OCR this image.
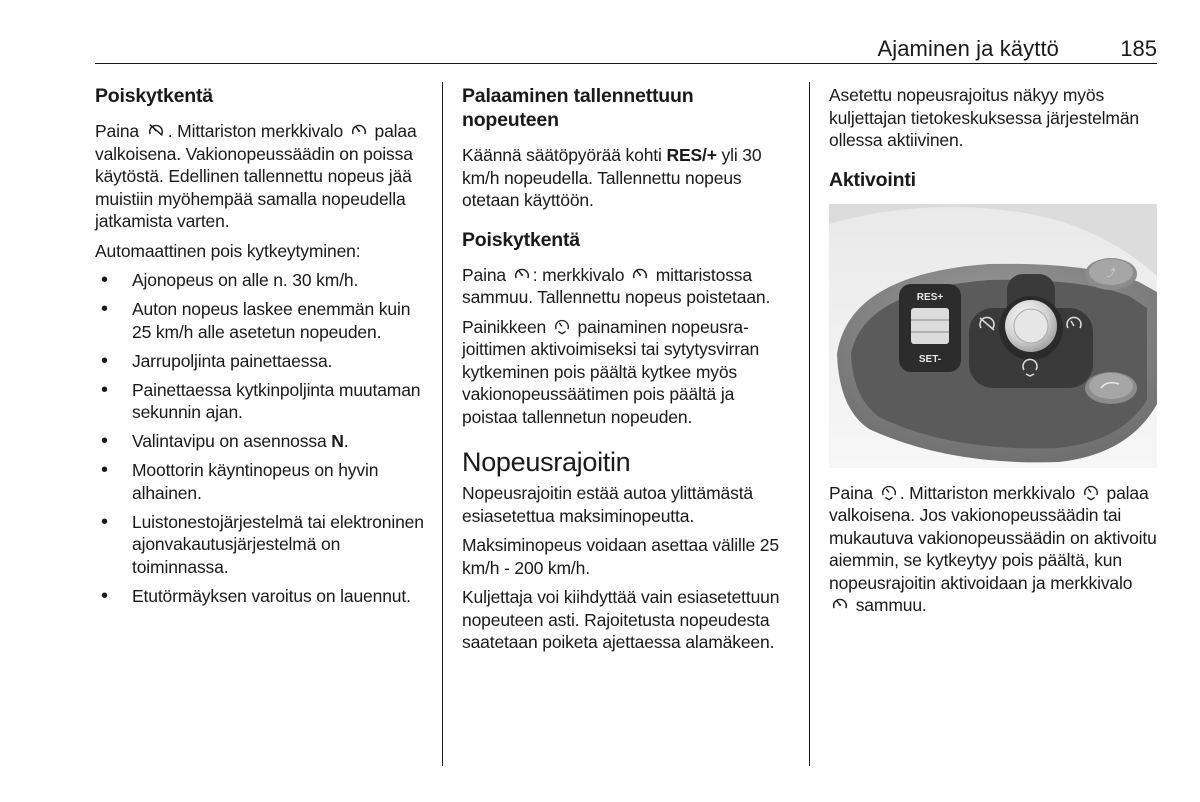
Ajaminen ja käyttö	185
Poiskytkentä

Paina . Mittariston merkkivalo  palaa valkoisena. Vakionopeussäädin on poissa käytöstä. Edellinen tallennettu nopeus jää muistiin myöhempää samalla nopeudella jatkamista varten.

Automaattinen pois kytkeytyminen:

• Ajonopeus on alle n. 30 km/h.
• Auton nopeus laskee enemmän kuin 25 km/h alle asetetun nopeuden.
• Jarrupoljinta painettaessa.
• Painettaessa kytkinpoljinta muutaman sekunnin ajan.
• Valintavipu on asennossa N.
• Moottorin käyntinopeus on hyvin alhainen.
• Luistonestojärjestelmä tai elektroninen ajonvakautusjärjestelmä on toiminnassa.
• Etutörmäyksen varoitus on lauennut.
Palaaminen tallennettuun nopeuteen

Käännä säätöpyörää kohti RES/+ yli 30 km/h nopeudella. Tallennettu nopeus otetaan käyttöön.

Poiskytkentä

Paina : merkkivalo  mittaristossa sammuu. Tallennettu nopeus poistetaan.

Painikkeen  painaminen nopeusrajoittimen aktivoimiseksi tai sytytysvirran kytkeminen pois päältä kytkee myös vakionopeussäätimen pois päältä ja poistaa tallennetun nopeuden.

Nopeusrajoitin

Nopeusrajoitin estää autoa ylittämästä esiasetettua maksiminopeutta.

Maksiminopeus voidaan asettaa välille 25 km/h - 200 km/h.

Kuljettaja voi kiihdyttää vain esiasetettuun nopeuteen asti. Rajoitetusta nopeudesta saatetaan poiketa ajettaessa alamäkeen.

Asetettu nopeusrajoitus näkyy myös kuljettajan tietokeskuksessa järjestelmän ollessa aktiivinen.

Aktivointi
RES+
SET-
⤴

Paina . Mittariston merkkivalo  palaa valkoisena. Jos vakionopeussäädin tai mukautuva vakionopeussäädin on aktivoitu aiemmin, se kytkeytyy pois päältä, kun nopeusrajoitin aktivoidaan ja merkkivalo  sammuu.
